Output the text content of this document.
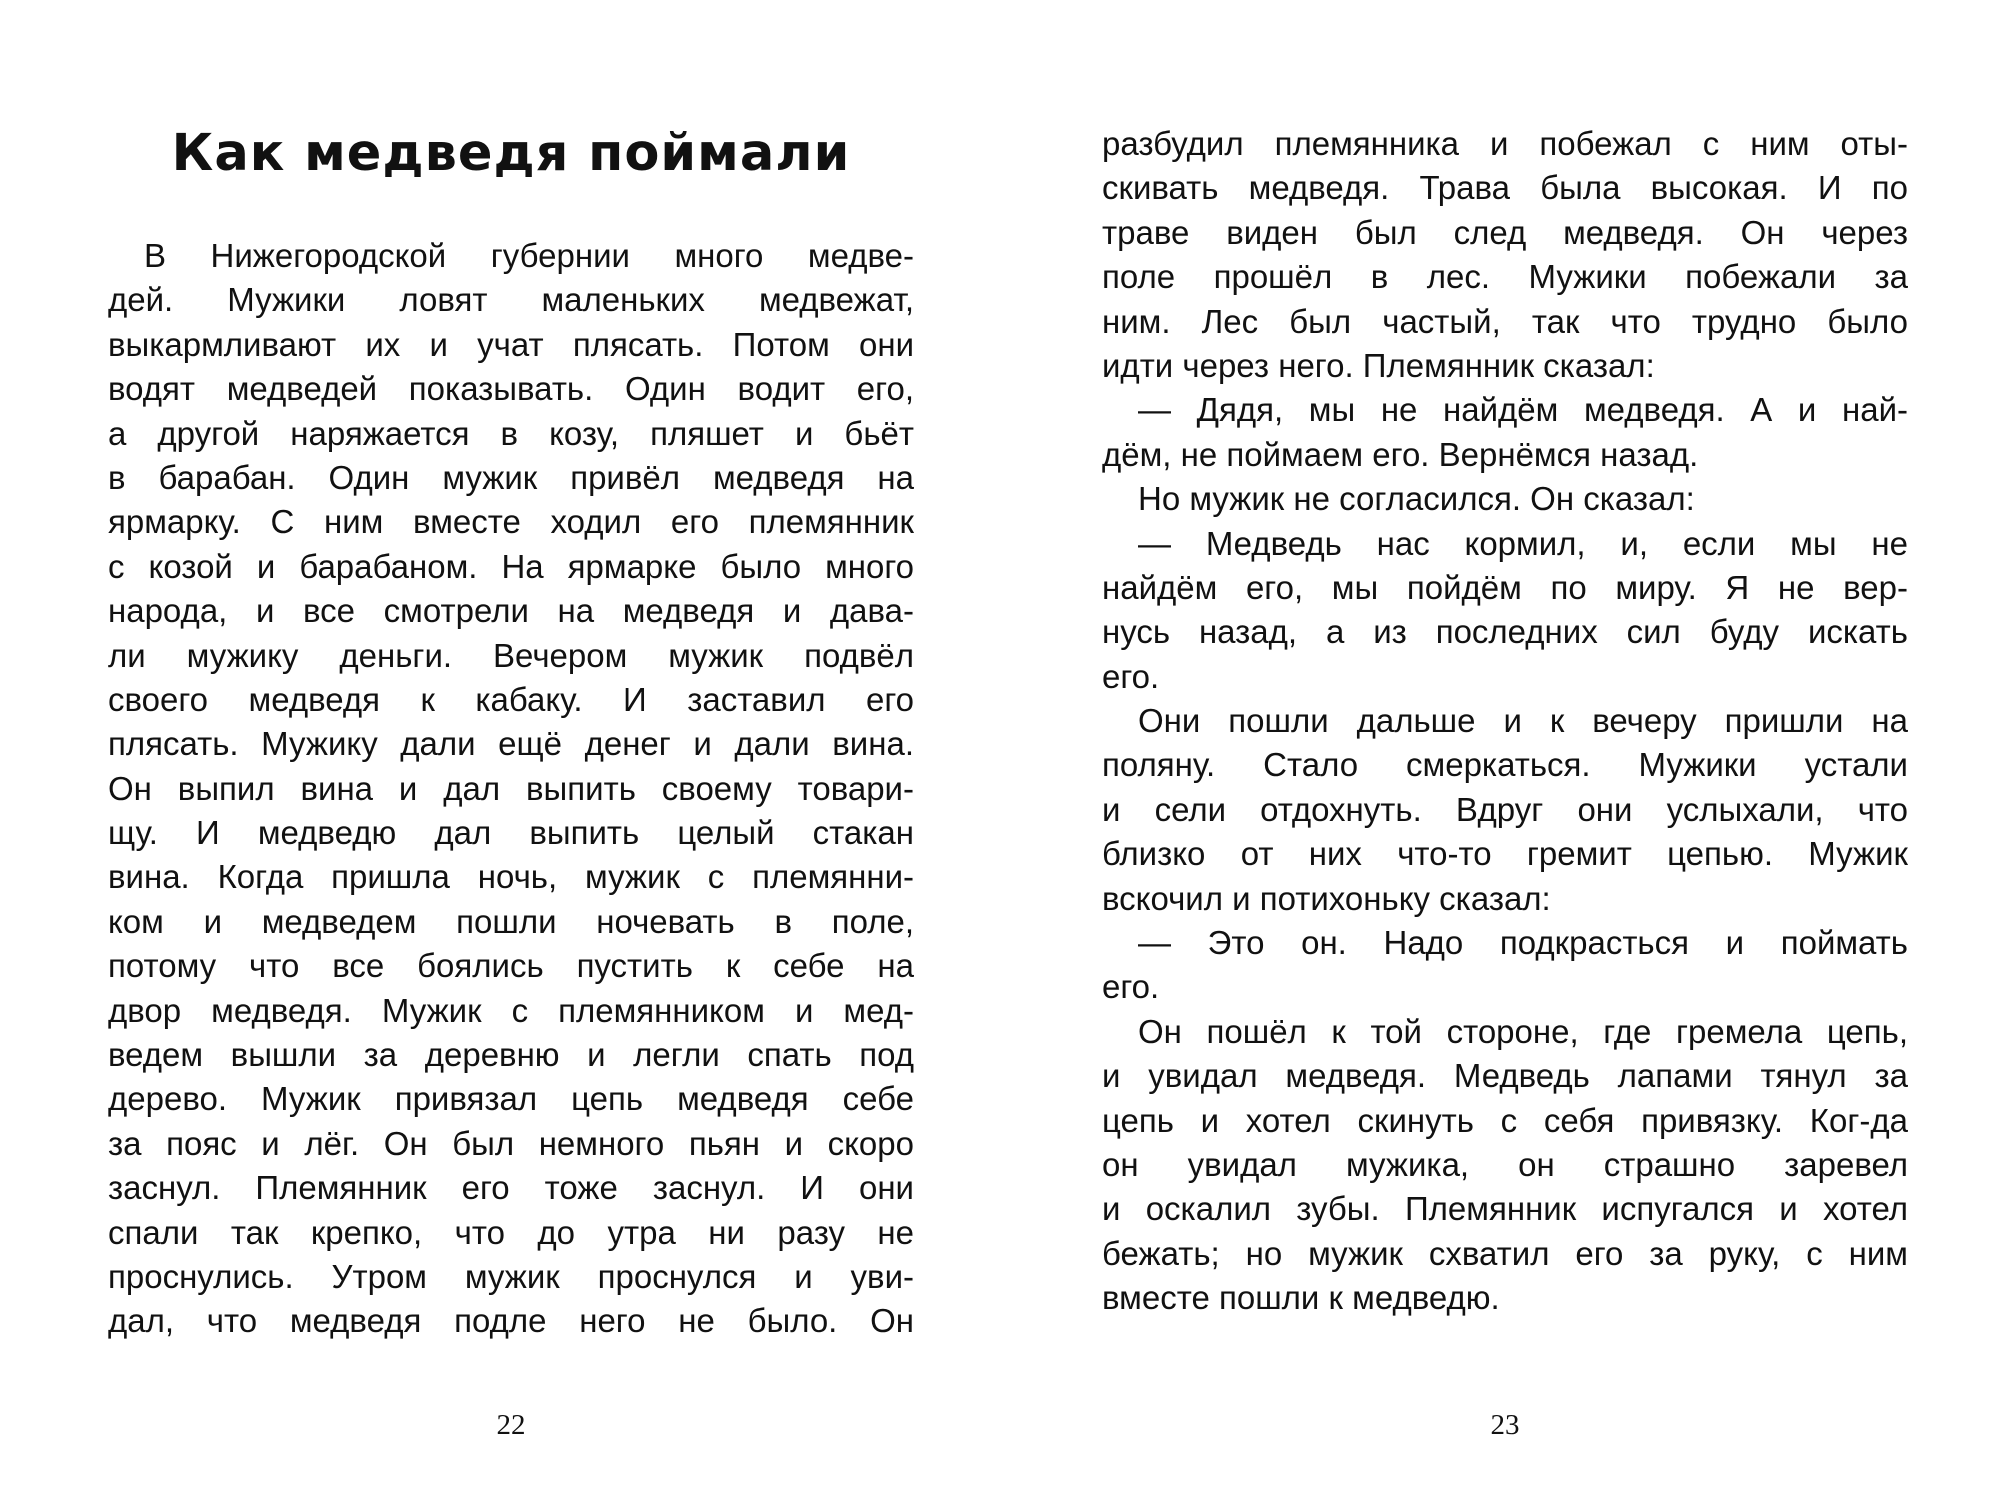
Как медведя поймали
В Нижегородской губернии много медве-
дей. Мужики ловят маленьких медвежат,
выкармливают их и учат плясать. Потом они
водят медведей показывать. Один водит его,
а другой наряжается в козу, пляшет и бьёт
в барабан. Один мужик привёл медведя на
ярмарку. С ним вместе ходил его племянник
с козой и барабаном. На ярмарке было много
народа, и все смотрели на медведя и дава-
ли мужику деньги. Вечером мужик подвёл
своего медведя к кабаку. И заставил его
плясать. Мужику дали ещё денег и дали вина.
Он выпил вина и дал выпить своему товари-
щу. И медведю дал выпить целый стакан
вина. Когда пришла ночь, мужик с племянни-
ком и медведем пошли ночевать в поле,
потому что все боялись пустить к себе на
двор медведя. Мужик с племянником и мед-
ведем вышли за деревню и легли спать под
дерево. Мужик привязал цепь медведя себе
за пояс и лёг. Он был немного пьян и скоро
заснул. Племянник его тоже заснул. И они
спали так крепко, что до утра ни разу не
проснулись. Утром мужик проснулся и уви-
дал, что медведя подле него не было. Он
22
разбудил племянника и побежал с ним оты-
скивать медведя. Трава была высокая. И по
траве виден был след медведя. Он через
поле прошёл в лес. Мужики побежали за
ним. Лес был частый, так что трудно было
идти через него. Племянник сказал:
— Дядя, мы не найдём медведя. А и най-
дём, не поймаем его. Вернёмся назад.
Но мужик не согласился. Он сказал:
— Медведь нас кормил, и, если мы не
найдём его, мы пойдём по миру. Я не вер-
нусь назад, а из последних сил буду искать
его.
Они пошли дальше и к вечеру пришли на
поляну. Стало смеркаться. Мужики устали
и сели отдохнуть. Вдруг они услыхали, что
близко от них что-то гремит цепью. Мужик
вскочил и потихоньку сказал:
— Это он. Надо подкрасться и поймать
его.
Он пошёл к той стороне, где гремела цепь,
и увидал медведя. Медведь лапами тянул за
цепь и хотел скинуть с себя привязку. Ког-да
он увидал мужика, он страшно заревел
и оскалил зубы. Племянник испугался и хотел
бежать; но мужик схватил его за руку, с ним
вместе пошли к медведю.
23
